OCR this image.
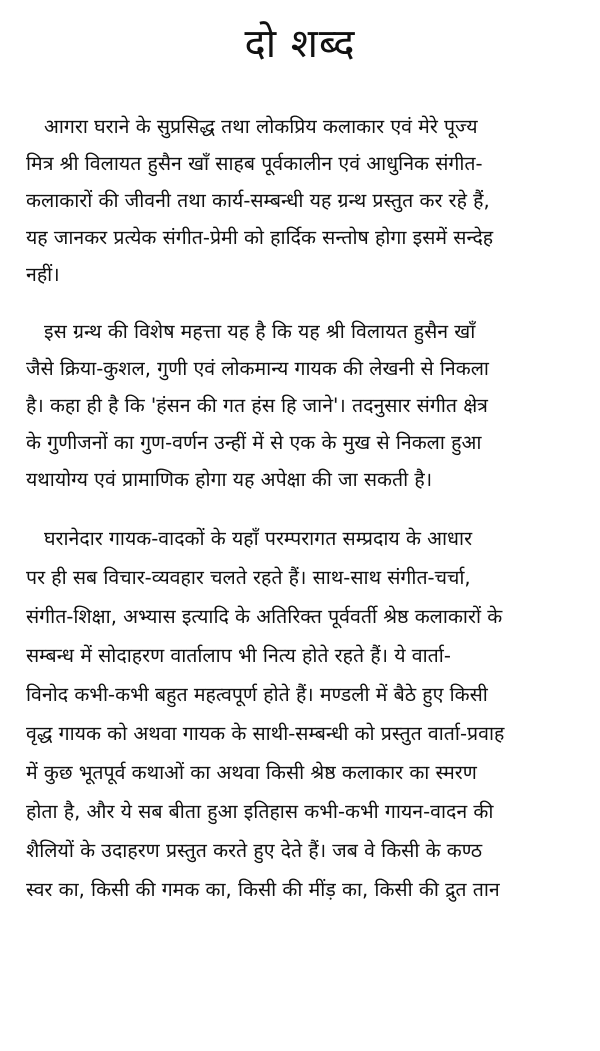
दो शब्द
आगरा घराने के सुप्रसिद्ध तथा लोकप्रिय कलाकार एवं मेरे पूज्य
मित्र श्री विलायत हुसैन खाँ साहब पूर्वकालीन एवं आधुनिक संगीत-
कलाकारों की जीवनी तथा कार्य-सम्बन्धी यह ग्रन्थ प्रस्तुत कर रहे हैं,
यह जानकर प्रत्येक संगीत-प्रेमी को हार्दिक सन्तोष होगा इसमें सन्देह
नहीं।
इस ग्रन्थ की विशेष महत्ता यह है कि यह श्री विलायत हुसैन खाँ
जैसे क्रिया-कुशल, गुणी एवं लोकमान्य गायक की लेखनी से निकला
है। कहा ही है कि 'हंसन की गत हंस हि जाने'। तदनुसार संगीत क्षेत्र
के गुणीजनों का गुण-वर्णन उन्हीं में से एक के मुख से निकला हुआ
यथायोग्य एवं प्रामाणिक होगा यह अपेक्षा की जा सकती है।
घरानेदार गायक-वादकों के यहाँ परम्परागत सम्प्रदाय के आधार
पर ही सब विचार-व्यवहार चलते रहते हैं। साथ-साथ संगीत-चर्चा,
संगीत-शिक्षा, अभ्यास इत्यादि के अतिरिक्त पूर्ववर्ती श्रेष्ठ कलाकारों के
सम्बन्ध में सोदाहरण वार्तालाप भी नित्य होते रहते हैं। ये वार्ता-
विनोद कभी-कभी बहुत महत्वपूर्ण होते हैं। मण्डली में बैठे हुए किसी
वृद्ध गायक को अथवा गायक के साथी-सम्बन्धी को प्रस्तुत वार्ता-प्रवाह
में कुछ भूतपूर्व कथाओं का अथवा किसी श्रेष्ठ कलाकार का स्मरण
होता है, और ये सब बीता हुआ इतिहास कभी-कभी गायन-वादन की
शैलियों के उदाहरण प्रस्तुत करते हुए देते हैं। जब वे किसी के कण्ठ
स्वर का, किसी की गमक का, किसी की मींड़ का, किसी की द्रुत तान
